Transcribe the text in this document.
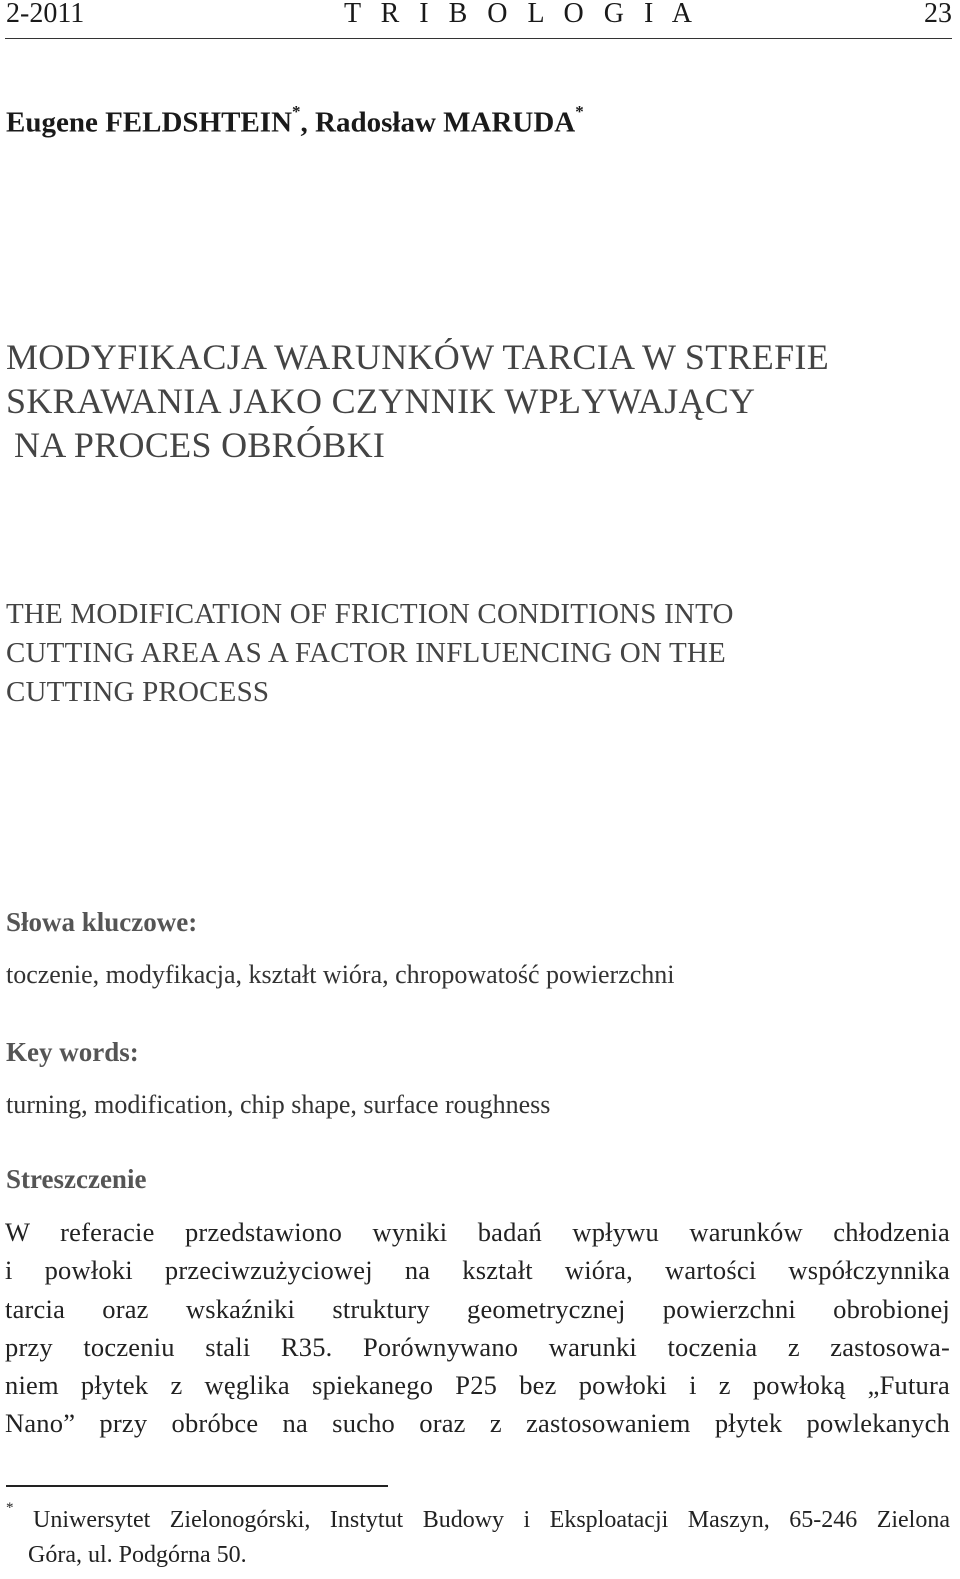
2-2011	T R I B O L O G I A	23
Eugene FELDSHTEIN*, Radosław MARUDA*
MODYFIKACJA WARUNKÓW TARCIA W STREFIE
SKRAWANIA JAKO CZYNNIK WPŁYWAJĄCY
NA PROCES OBRÓBKI
THE MODIFICATION OF FRICTION CONDITIONS INTO
CUTTING AREA AS A FACTOR INFLUENCING ON THE
CUTTING PROCESS
Słowa kluczowe:
toczenie, modyfikacja, kształt wióra, chropowatość powierzchni
Key words:
turning, modification, chip shape, surface roughness
Streszczenie
W referacie przedstawiono wyniki badań wpływu warunków chłodzenia
i powłoki przeciwzużyciowej na kształt wióra, wartości współczynnika
tarcia oraz wskaźniki struktury geometrycznej powierzchni obrobionej
przy toczeniu stali R35. Porównywano warunki toczenia z zastosowa-
niem płytek z węglika spiekanego P25 bez powłoki i z powłoką „Futura
Nano” przy obróbce na sucho oraz z zastosowaniem płytek powlekanych
* Uniwersytet Zielonogórski, Instytut Budowy i Eksploatacji Maszyn, 65-246 Zielona
Góra, ul. Podgórna 50.
